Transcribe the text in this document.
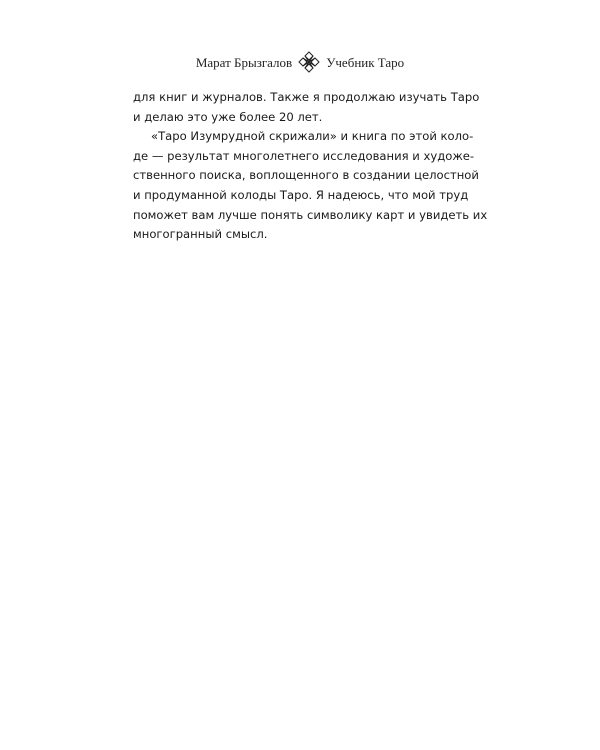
Марат Брызгалов	Учебник Таро
для книг и журналов. Также я продолжаю изучать Таро
и делаю это уже более 20 лет.
«Таро Изумрудной скрижали» и книга по этой коло-
де — результат многолетнего исследования и художе-
ственного поиска, воплощенного в создании целостной
и продуманной колоды Таро. Я надеюсь, что мой труд
поможет вам лучше понять символику карт и увидеть их
многогранный смысл.
